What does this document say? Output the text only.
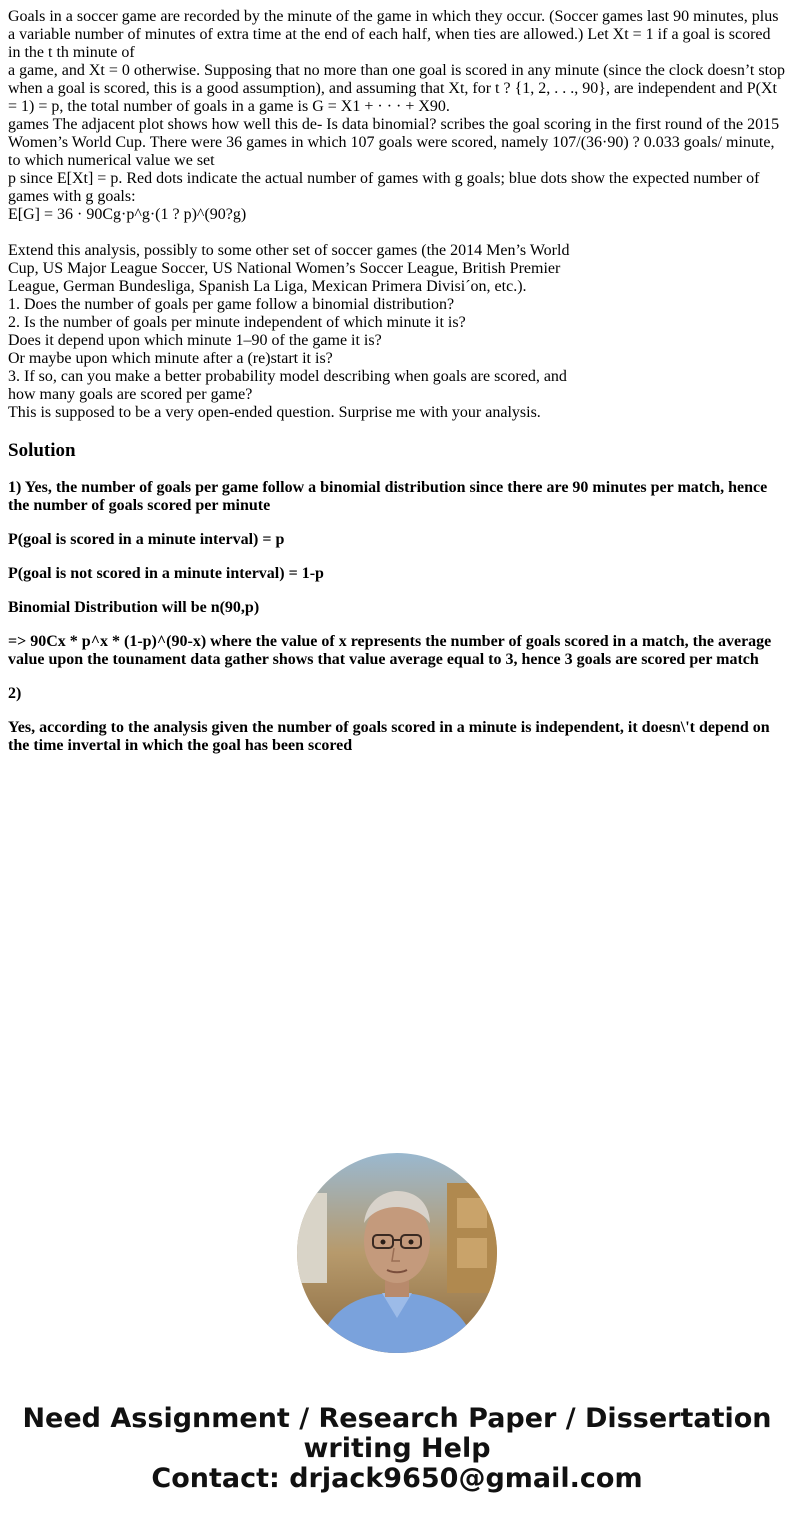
Goals in a soccer game are recorded by the minute of the game in which they occur. (Soccer games last 90 minutes, plus a variable number of minutes of extra time at the end of each half, when ties are allowed.) Let Xt = 1 if a goal is scored in the t th minute of

a game, and Xt = 0 otherwise. Supposing that no more than one goal is scored in any minute (since the clock doesn’t stop when a goal is scored, this is a good assumption), and assuming that Xt, for t ? {1, 2, . . ., 90}, are independent and P(Xt = 1) = p, the total number of goals in a game is G = X1 + · · · + X90.

games The adjacent plot shows how well this de- Is data binomial? scribes the goal scoring in the first round of the 2015 Women’s World Cup. There were 36 games in which 107 goals were scored, namely 107/(36·90) ? 0.033 goals/ minute, to which numerical value we set

p since E[Xt] = p. Red dots indicate the actual number of games with g goals; blue dots show the expected number of games with g goals:

E[G] = 36 · 90Cg·p^g·(1 ? p)^(90?g)

Extend this analysis, possibly to some other set of soccer games (the 2014 Men’s World Cup, US Major League Soccer, US National Women’s Soccer League, British Premier League, German Bundesliga, Spanish La Liga, Mexican Primera Divisi´on, etc.).

1. Does the number of goals per game follow a binomial distribution?

2. Is the number of goals per minute independent of which minute it is?

Does it depend upon which minute 1–90 of the game it is?

Or maybe upon which minute after a (re)start it is?

3. If so, can you make a better probability model describing when goals are scored, and how many goals are scored per game?

This is supposed to be a very open-ended question. Surprise me with your analysis.

Solution

1) Yes, the number of goals per game follow a binomial distribution since there are 90 minutes per match, hence the number of goals scored per minute

P(goal is scored in a minute interval) = p

P(goal is not scored in a minute interval) = 1-p

Binomial Distribution will be n(90,p)

=> 90Cx * p^x * (1-p)^(90-x) where the value of x represents the number of goals scored in a match, the average value upon the tounament data gather shows that value average equal to 3, hence 3 goals are scored per match

2)

Yes, according to the analysis given the number of goals scored in a minute is independent, it doesn\'t depend on the time invertal in which the goal has been scored

Need Assignment / Research Paper / Dissertation
writing Help
Contact: drjack9650@gmail.com
